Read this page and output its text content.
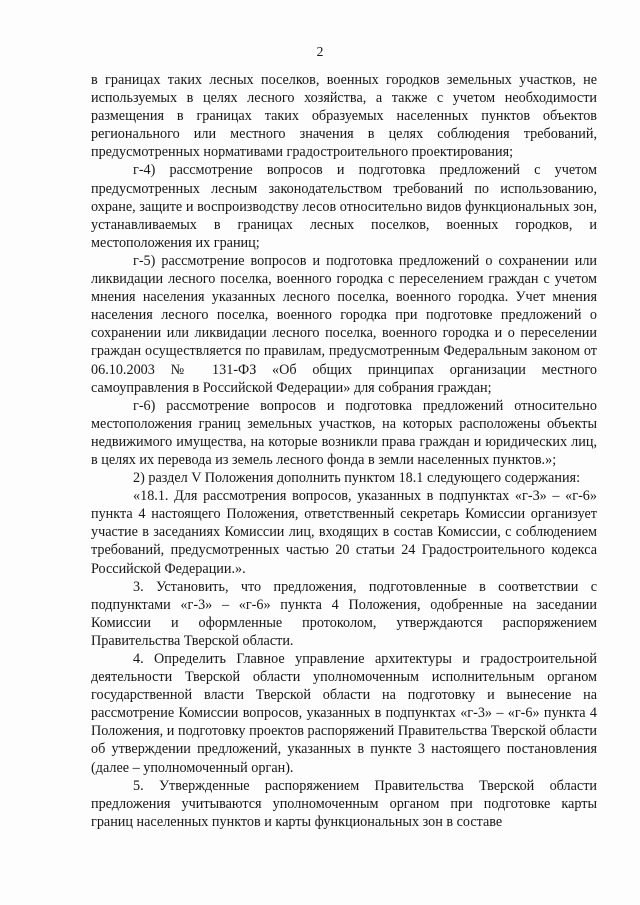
2

в границах таких лесных поселков, военных городков земельных участков, не используемых в целях лесного хозяйства, а также с учетом необходимости размещения в границах таких образуемых населенных пунктов объектов регионального или местного значения в целях соблюдения требований, предусмотренных нормативами градостроительного проектирования;

г-4) рассмотрение вопросов и подготовка предложений с учетом предусмотренных лесным законодательством требований по использованию, охране, защите и воспроизводству лесов относительно видов функциональных зон, устанавливаемых в границах лесных поселков, военных городков, и местоположения их границ;

г-5) рассмотрение вопросов и подготовка предложений о сохранении или ликвидации лесного поселка, военного городка с переселением граждан с учетом мнения населения указанных лесного поселка, военного городка. Учет мнения населения лесного поселка, военного городка при подготовке предложений о сохранении или ликвидации лесного поселка, военного городка и о переселении граждан осуществляется по правилам, предусмотренным Федеральным законом от 06.10.2003 № 131-ФЗ «Об общих принципах организации местного самоуправления в Российской Федерации» для собрания граждан;

г-6) рассмотрение вопросов и подготовка предложений относительно местоположения границ земельных участков, на которых расположены объекты недвижимого имущества, на которые возникли права граждан и юридических лиц, в целях их перевода из земель лесного фонда в земли населенных пунктов.»;

2) раздел V Положения дополнить пунктом 18.1 следующего содержания:

«18.1. Для рассмотрения вопросов, указанных в подпунктах «г-3» – «г-6» пункта 4 настоящего Положения, ответственный секретарь Комиссии организует участие в заседаниях Комиссии лиц, входящих в состав Комиссии, с соблюдением требований, предусмотренных частью 20 статьи 24 Градостроительного кодекса Российской Федерации.».

3. Установить, что предложения, подготовленные в соответствии с подпунктами «г-3» – «г-6» пункта 4 Положения, одобренные на заседании Комиссии и оформленные протоколом, утверждаются распоряжением Правительства Тверской области.

4. Определить Главное управление архитектуры и градостроительной деятельности Тверской области уполномоченным исполнительным органом государственной власти Тверской области на подготовку и вынесение на рассмотрение Комиссии вопросов, указанных в подпунктах «г-3» – «г-6» пункта 4 Положения, и подготовку проектов распоряжений Правительства Тверской области об утверждении предложений, указанных в пункте 3 настоящего постановления (далее – уполномоченный орган).

5. Утвержденные распоряжением Правительства Тверской области предложения учитываются уполномоченным органом при подготовке карты границ населенных пунктов и карты функциональных зон в составе
